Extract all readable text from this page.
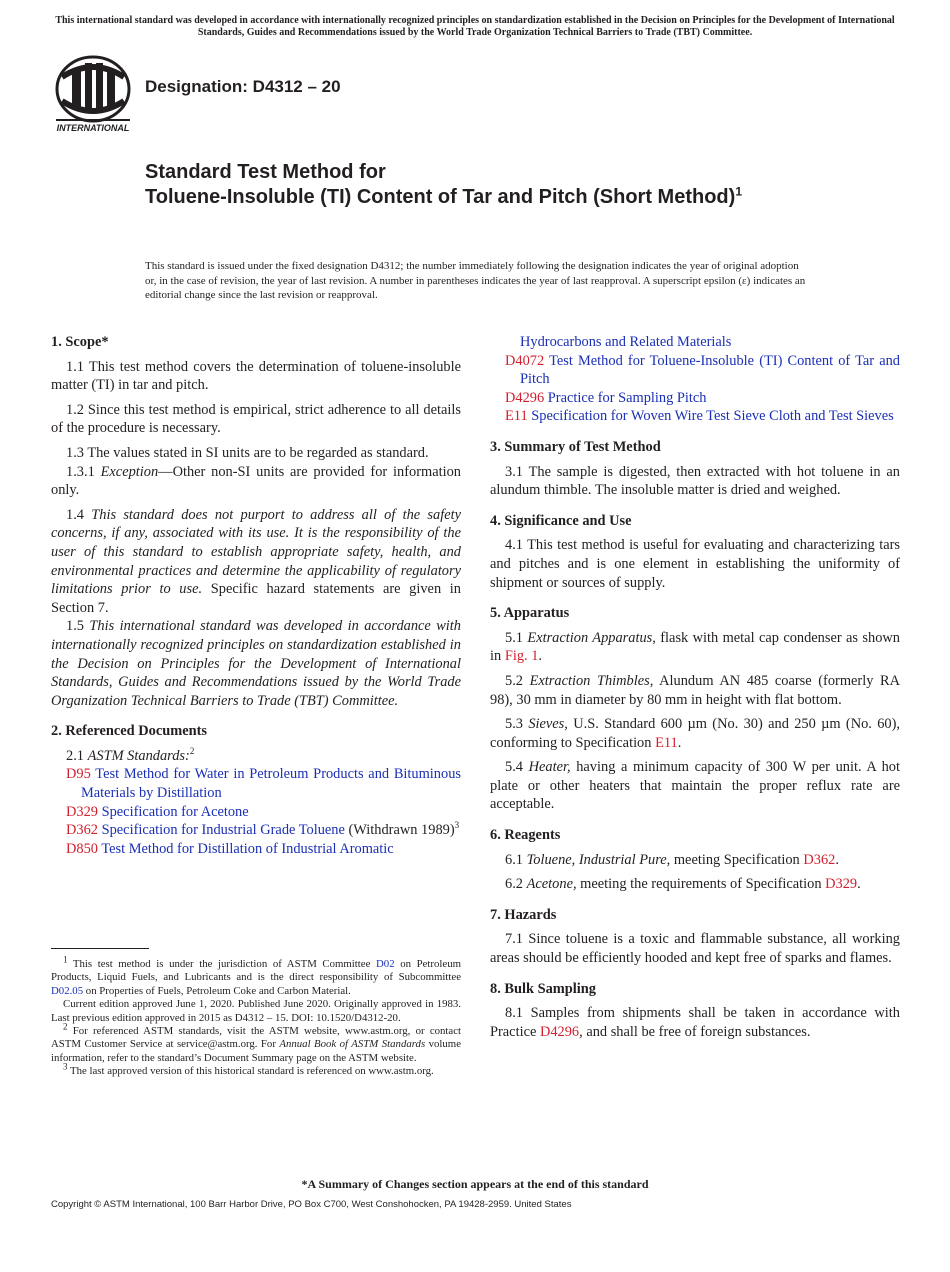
This international standard was developed in accordance with internationally recognized principles on standardization established in the Decision on Principles for the Development of International Standards, Guides and Recommendations issued by the World Trade Organization Technical Barriers to Trade (TBT) Committee.
INTERNATIONAL
Designation: D4312 – 20
Standard Test Method for
Toluene-Insoluble (TI) Content of Tar and Pitch (Short Method)$^1$
This standard is issued under the fixed designation D4312; the number immediately following the designation indicates the year of original adoption or, in the case of revision, the year of last revision. A number in parentheses indicates the year of last reapproval. A superscript epsilon (ε) indicates an editorial change since the last revision or reapproval.
1. Scope*

1.1 This test method covers the determination of toluene-insoluble matter (TI) in tar and pitch.

1.2 Since this test method is empirical, strict adherence to all details of the procedure is necessary.

1.3 The values stated in SI units are to be regarded as standard.

1.3.1 Exception—Other non-SI units are provided for information only.

1.4 This standard does not purport to address all of the safety concerns, if any, associated with its use. It is the responsibility of the user of this standard to establish appropriate safety, health, and environmental practices and determine the applicability of regulatory limitations prior to use. Specific hazard statements are given in Section 7.

1.5 This international standard was developed in accordance with internationally recognized principles on standardization established in the Decision on Principles for the Development of International Standards, Guides and Recommendations issued by the World Trade Organization Technical Barriers to Trade (TBT) Committee.

2. Referenced Documents

2.1 ASTM Standards:$^2$

D95 Test Method for Water in Petroleum Products and Bituminous Materials by Distillation

D329 Specification for Acetone

D362 Specification for Industrial Grade Toluene (Withdrawn 1989)$^3$

D850 Test Method for Distillation of Industrial Aromatic

$^1$ This test method is under the jurisdiction of ASTM Committee D02 on Petroleum Products, Liquid Fuels, and Lubricants and is the direct responsibility of Subcommittee D02.05 on Properties of Fuels, Petroleum Coke and Carbon Material.

Current edition approved June 1, 2020. Published June 2020. Originally approved in 1983. Last previous edition approved in 2015 as D4312 – 15. DOI: 10.1520/D4312-20.

$^2$ For referenced ASTM standards, visit the ASTM website, www.astm.org, or contact ASTM Customer Service at service@astm.org. For Annual Book of ASTM Standards volume information, refer to the standard’s Document Summary page on the ASTM website.

$^3$ The last approved version of this historical standard is referenced on www.astm.org.

Hydrocarbons and Related Materials

D4072 Test Method for Toluene-Insoluble (TI) Content of Tar and Pitch

D4296 Practice for Sampling Pitch

E11 Specification for Woven Wire Test Sieve Cloth and Test Sieves

3. Summary of Test Method

3.1 The sample is digested, then extracted with hot toluene in an alundum thimble. The insoluble matter is dried and weighed.

4. Significance and Use

4.1 This test method is useful for evaluating and characterizing tars and pitches and is one element in establishing the uniformity of shipment or sources of supply.

5. Apparatus

5.1 Extraction Apparatus, flask with metal cap condenser as shown in Fig. 1.

5.2 Extraction Thimbles, Alundum AN 485 coarse (formerly RA 98), 30 mm in diameter by 80 mm in height with flat bottom.

5.3 Sieves, U.S. Standard 600 µm (No. 30) and 250 µm (No. 60), conforming to Specification E11.

5.4 Heater, having a minimum capacity of 300 W per unit. A hot plate or other heaters that maintain the proper reflux rate are acceptable.

6. Reagents

6.1 Toluene, Industrial Pure, meeting Specification D362.

6.2 Acetone, meeting the requirements of Specification D329.

7. Hazards

7.1 Since toluene is a toxic and flammable substance, all working areas should be efficiently hooded and kept free of sparks and flames.

8. Bulk Sampling

8.1 Samples from shipments shall be taken in accordance with Practice D4296, and shall be free of foreign substances.

*A Summary of Changes section appears at the end of this standard
Copyright © ASTM International, 100 Barr Harbor Drive, PO Box C700, West Conshohocken, PA 19428-2959. United States
